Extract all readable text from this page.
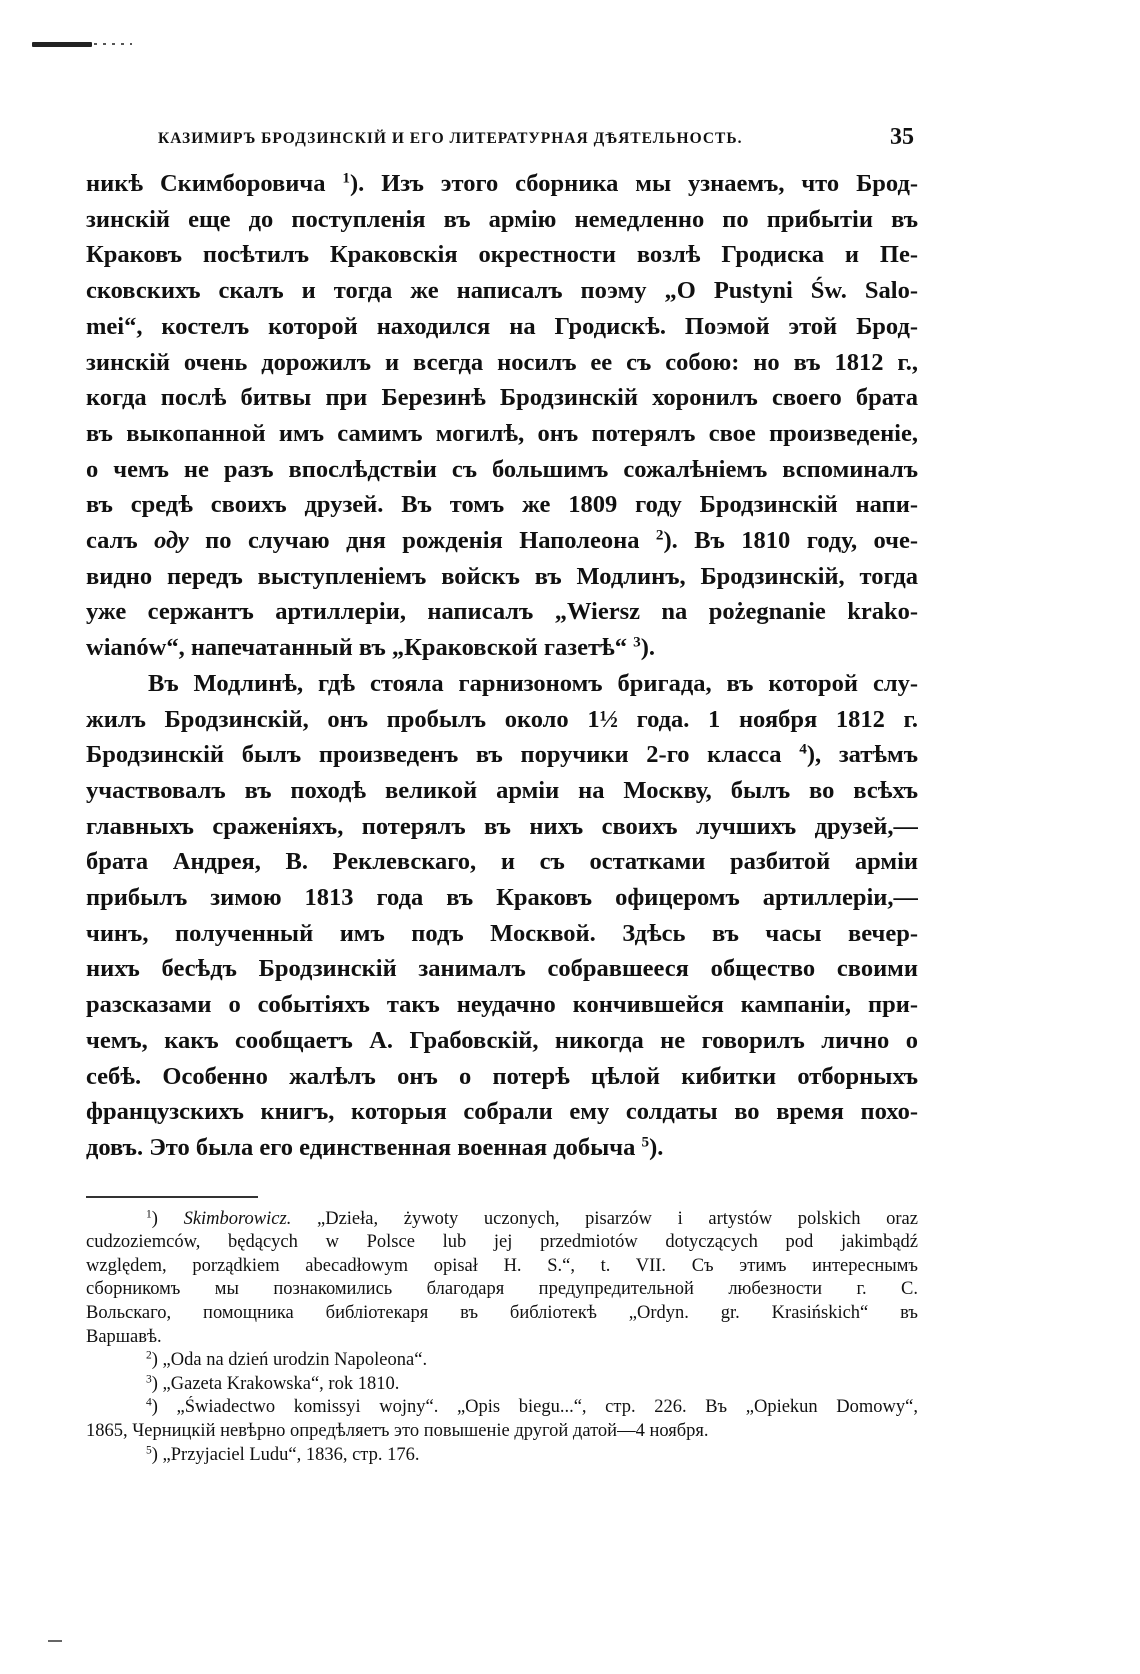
КАЗИМИРЪ БРОДЗИНСКІЙ И ЕГО ЛИТЕРАТУРНАЯ ДѢЯТЕЛЬНОСТЬ.	35
никѣ Скимборовича $^1$). Изъ этого сборника мы узнаемъ, что Брод-
зинскій еще до поступленія въ армію немедленно по прибытіи въ
Краковъ посѣтилъ Краковскія окрестности возлѣ Гродиска и Пе-
сковскихъ скалъ и тогда же написалъ поэму „O Pustyni Św. Salo-
mei“, костелъ которой находился на Гродискѣ. Поэмой этой Брод-
зинскій очень дорожилъ и всегда носилъ ее съ собою: но въ 1812 г.,
когда послѣ битвы при Березинѣ Бродзинскій хоронилъ своего брата
въ выкопанной имъ самимъ могилѣ, онъ потерялъ свое произведеніе,
о чемъ не разъ впослѣдствіи съ большимъ сожалѣніемъ вспоминалъ
въ средѣ своихъ друзей. Въ томъ же 1809 году Бродзинскій напи-
салъ оду по случаю дня рожденія Наполеона $^2$). Въ 1810 году, оче-
видно передъ выступленіемъ войскъ въ Модлинъ, Бродзинскій, тогда
уже сержантъ артиллеріи, написалъ „Wiersz na pożegnanie krako-
wianów“, напечатанный въ „Краковской газетѣ“ $^3$).
Въ Модлинѣ, гдѣ стояла гарнизономъ бригада, въ которой слу-
жилъ Бродзинскій, онъ пробылъ около 1½ года. 1 ноября 1812 г.
Бродзинскій былъ произведенъ въ поручики 2-го класса $^4$), затѣмъ
участвовалъ въ походѣ великой арміи на Москву, былъ во всѣхъ
главныхъ сраженіяхъ, потерялъ въ нихъ своихъ лучшихъ друзей,—
брата Андрея, В. Реклевскаго, и съ остатками разбитой арміи
прибылъ зимою 1813 года въ Краковъ офицеромъ артиллеріи,—
чинъ, полученный имъ подъ Москвой. Здѣсь въ часы вечер-
нихъ бесѣдъ Бродзинскій занималъ собравшееся общество своими
разсказами о событіяхъ такъ неудачно кончившейся кампаніи, при-
чемъ, какъ сообщаетъ А. Грабовскій, никогда не говорилъ лично о
себѣ. Особенно жалѣлъ онъ о потерѣ цѣлой кибитки отборныхъ
французскихъ книгъ, которыя собрали ему солдаты во время похо-
довъ. Это была его единственная военная добыча $^5$).
$^1$) Skimborowicz. „Dzieła, żywoty uczonych, pisarzów i artystów polskich oraz
cudzoziemców, będących w Polsce lub jej przedmiotów dotyczących pod jakimbądź
względem, porządkiem abecadłowym opisał H. S.“, t. VII. Съ этимъ интереснымъ
сборникомъ мы познакомились благодаря предупредительной любезности г. С.
Вольскаго, помощника библіотекаря въ библіотекѣ „Ordyn. gr. Krasińskich“ въ
Варшавѣ.
$^2$) „Oda na dzień urodzin Napoleona“.
$^3$) „Gazeta Krakowska“, rok 1810.
$^4$) „Świadectwo komissyi wojny“. „Opis biegu...“, стр. 226. Въ „Opiekun Domowy“,
1865, Черницкій невѣрно опредѣляетъ это повышеніе другой датой—4 ноября.
$^5$) „Przyjaciel Ludu“, 1836, стр. 176.
